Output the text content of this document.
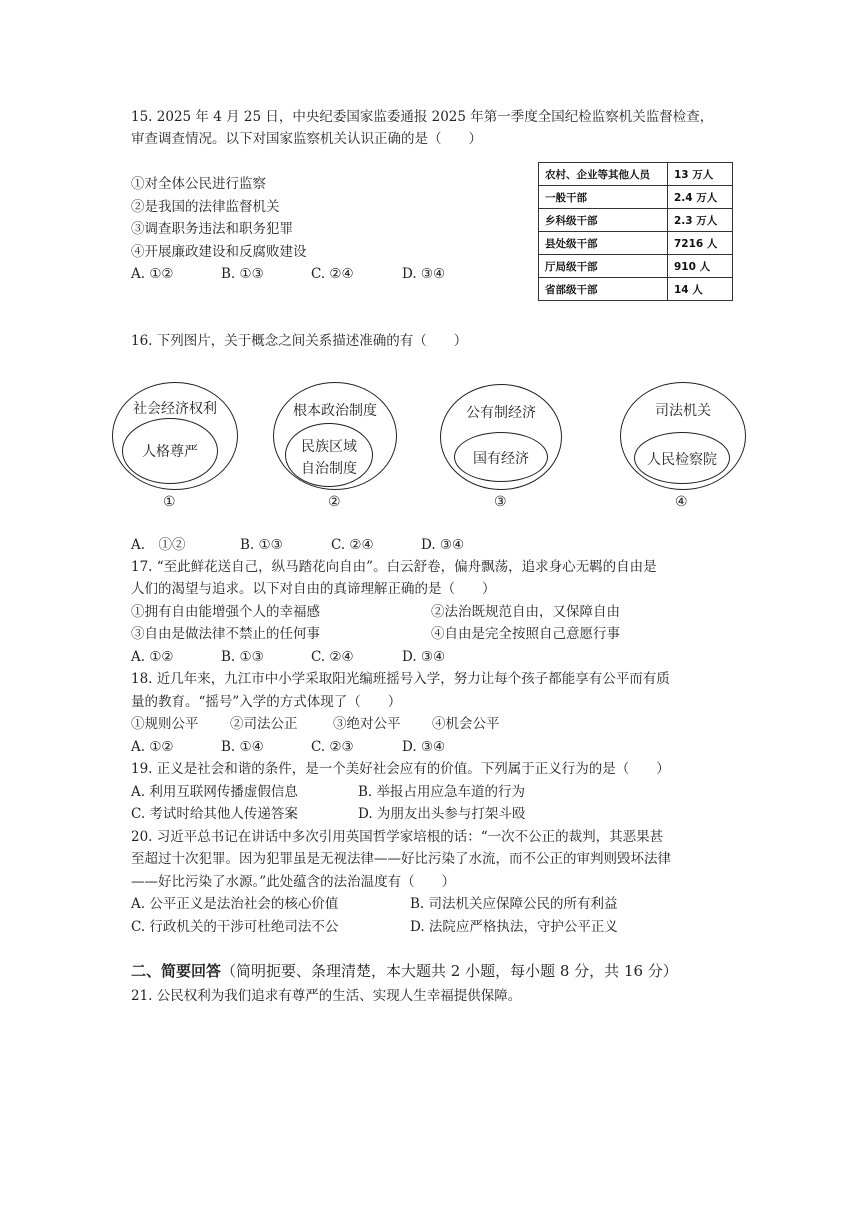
15. 2025 年 4 月 25 日，中央纪委国家监委通报 2025 年第一季度全国纪检监察机关监督检查，
审查调查情况。以下对国家监察机关认识正确的是（　　）
①对全体公民进行监察
②是我国的法律监督机关
③调查职务违法和职务犯罪
④开展廉政建设和反腐败建设
A. ①②	B. ①③	C. ②④	D. ③④
农村、企业等其他人员	13 万人
一般干部	2.4 万人
乡科级干部	2.3 万人
县处级干部	7216 人
厅局级干部	910 人
省部级干部	14 人
16. 下列图片，关于概念之间关系描述准确的有（　　）
社会经济权利
人格尊严
①
根本政治制度
民族区域
自治制度
②
公有制经济
国有经济
③
司法机关
人民检察院
④
A.　①②	B. ①③	C. ②④	D. ③④
17. “至此鲜花送自己，纵马踏花向自由”。白云舒卷，偏舟飘荡，追求身心无羁的自由是
人们的渴望与追求。以下对自由的真谛理解正确的是（　　）
①拥有自由能增强个人的幸福感	②法治既规范自由，又保障自由
③自由是做法律不禁止的任何事	④自由是完全按照自己意愿行事
A. ①②	B. ①③	C. ②④	D. ③④
18. 近几年来，九江市中小学采取阳光编班摇号入学，努力让每个孩子都能享有公平而有质
量的教育。“摇号”入学的方式体现了（　　）
①规则公平 ②司法公正	③绝对公平 ④机会公平
A. ①②	B. ①④	C. ②③	D. ③④
19. 正义是社会和谐的条件，是一个美好社会应有的价值。下列属于正义行为的是（　　）
A. 利用互联网传播虚假信息	B. 举报占用应急车道的行为
C. 考试时给其他人传递答案	D. 为朋友出头参与打架斗殴
20. 习近平总书记在讲话中多次引用英国哲学家培根的话：“一次不公正的裁判，其恶果甚
至超过十次犯罪。因为犯罪虽是无视法律——好比污染了水流，而不公正的审判则毁坏法律
——好比污染了水源。”此处蕴含的法治温度有（　　）
A. 公平正义是法治社会的核心价值	B. 司法机关应保障公民的所有利益
C. 行政机关的干涉可杜绝司法不公	D. 法院应严格执法，守护公平正义
二、简要回答（简明扼要、条理清楚，本大题共 2 小题，每小题 8 分，共 16 分）
21. 公民权利为我们追求有尊严的生活、实现人生幸福提供保障。
